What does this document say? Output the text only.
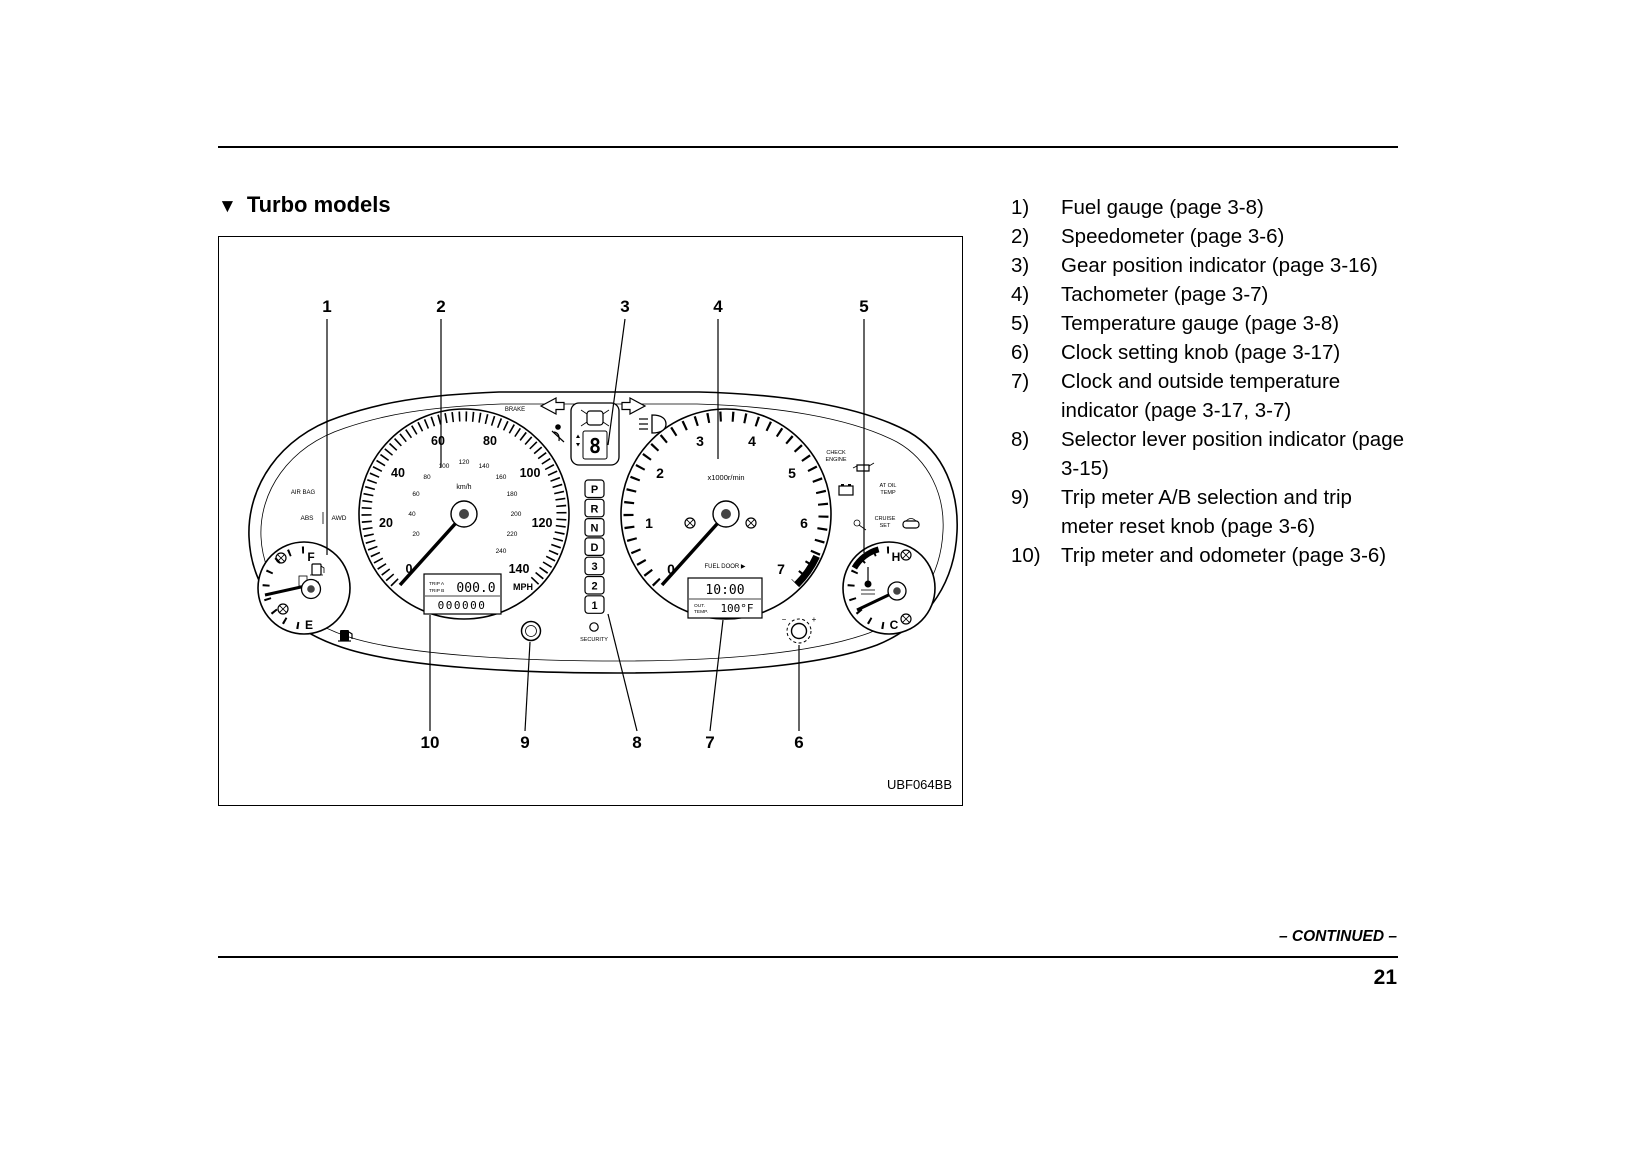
▼ Turbo models
0
20
40
60	80
100
120
140
20
40
60
80
100
120
140
160
180
200
220
240
km/h
TRIP A
TRIP B 000.0
000000
MPH
0
1
2
3	4
5
6
7
x1000r/min
FUEL DOOR ▶
10:00
OUT.
TEMP. 100°F
P
R
N
D
3
2
1
BRAKE
8
AIR BAG
ABS	AWD
CHECK
ENGINE
AT OIL
TEMP
CRUISE
SET
F
E
H
C
SECURITY
−	+
1	2	3	4	5
10	9	8	7	6
UBF064BB
1)	Fuel gauge (page 3-8)
2)	Speedometer (page 3-6)
3)	Gear position indicator (page 3-16)
4)	Tachometer (page 3-7)
5)	Temperature gauge (page 3-8)
6)	Clock setting knob (page 3-17)
7)	Clock and outside temperature indicator (page 3-17, 3-7)
8)	Selector lever position indicator (page 3-15)
9)	Trip meter A/B selection and trip meter reset knob (page 3-6)
10) Trip meter and odometer (page 3-6)
– CONTINUED –
21
